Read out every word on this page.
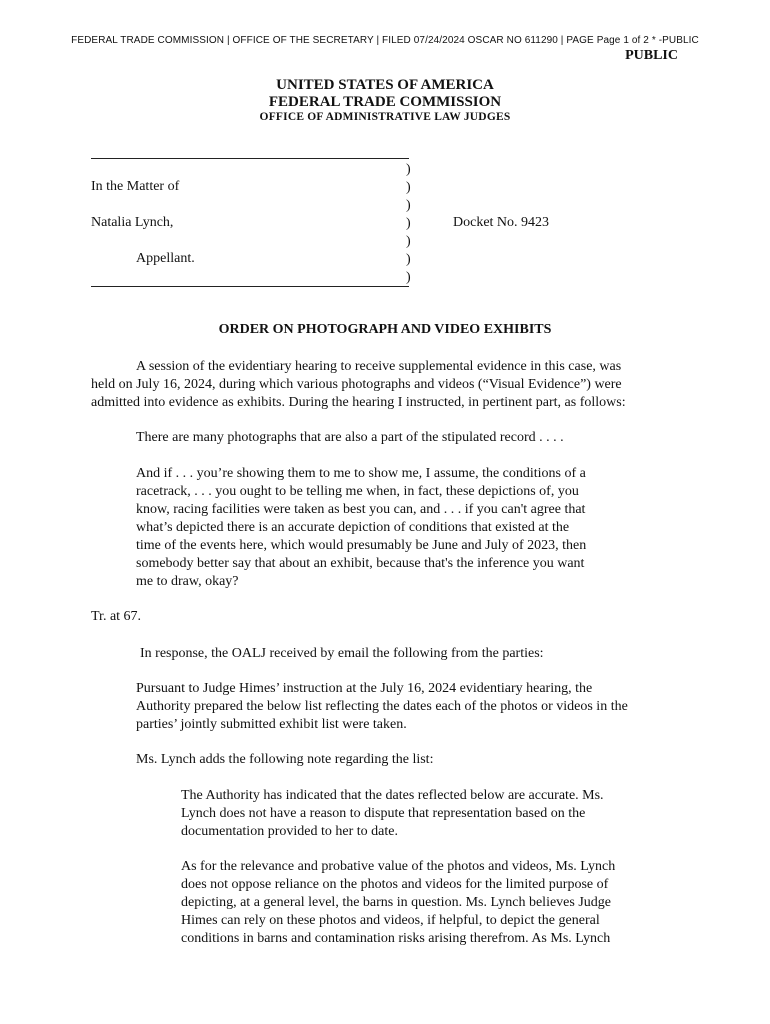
FEDERAL TRADE COMMISSION | OFFICE OF THE SECRETARY | FILED 07/24/2024 OSCAR NO 611290 | PAGE Page 1 of 2 * -PUBLIC
PUBLIC
UNITED STATES OF AMERICA
FEDERAL TRADE COMMISSION
OFFICE OF ADMINISTRATIVE LAW JUDGES
)
)
)
)
)
)
)
In the Matter of
Natalia Lynch,
Appellant.
Docket No. 9423
ORDER ON PHOTOGRAPH AND VIDEO EXHIBITS
A session of the evidentiary hearing to receive supplemental evidence in this case, was
held on July 16, 2024, during which various photographs and videos (“Visual Evidence”) were
admitted into evidence as exhibits. During the hearing I instructed, in pertinent part, as follows:
There are many photographs that are also a part of the stipulated record . . . .
And if . . . you’re showing them to me to show me, I assume, the conditions of a
racetrack, . . . you ought to be telling me when, in fact, these depictions of, you
know, racing facilities were taken as best you can, and . . . if you can't agree that
what’s depicted there is an accurate depiction of conditions that existed at the
time of the events here, which would presumably be June and July of 2023, then
somebody better say that about an exhibit, because that's the inference you want
me to draw, okay?
Tr. at 67.
In response, the OALJ received by email the following from the parties:
Pursuant to Judge Himes’ instruction at the July 16, 2024 evidentiary hearing, the
Authority prepared the below list reflecting the dates each of the photos or videos in the
parties’ jointly submitted exhibit list were taken.
Ms. Lynch adds the following note regarding the list:
The Authority has indicated that the dates reflected below are accurate. Ms.
Lynch does not have a reason to dispute that representation based on the
documentation provided to her to date.
As for the relevance and probative value of the photos and videos, Ms. Lynch
does not oppose reliance on the photos and videos for the limited purpose of
depicting, at a general level, the barns in question. Ms. Lynch believes Judge
Himes can rely on these photos and videos, if helpful, to depict the general
conditions in barns and contamination risks arising therefrom. As Ms. Lynch
